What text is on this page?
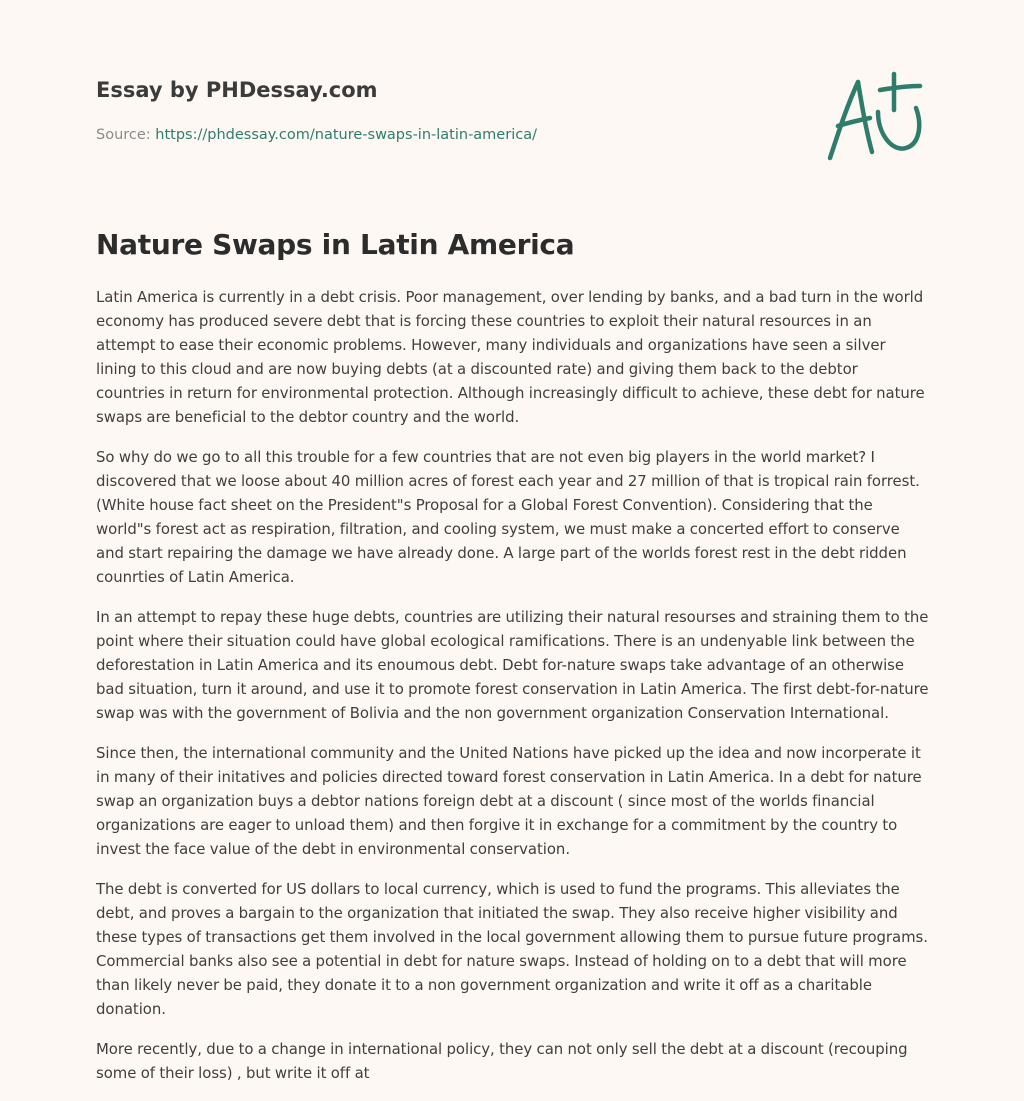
Essay by PHDessay.com
Source: https://phdessay.com/nature-swaps-in-latin-america/
Nature Swaps in Latin America

Latin America is currently in a debt crisis. Poor management, over lending by banks, and a bad turn in the world economy has produced severe debt that is forcing these countries to exploit their natural resources in an attempt to ease their economic problems. However, many individuals and organizations have seen a silver lining to this cloud and are now buying debts (at a discounted rate) and giving them back to the debtor countries in return for environmental protection. Although increasingly difficult to achieve, these debt for nature swaps are beneficial to the debtor country and the world.

So why do we go to all this trouble for a few countries that are not even big players in the world market? I discovered that we loose about 40 million acres of forest each year and 27 million of that is tropical rain forrest. (White house fact sheet on the President"s Proposal for a Global Forest Convention). Considering that the world"s forest act as respiration, filtration, and cooling system, we must make a concerted effort to conserve and start repairing the damage we have already done. A large part of the worlds forest rest in the debt ridden counrties of Latin America.

In an attempt to repay these huge debts, countries are utilizing their natural resourses and straining them to the point where their situation could have global ecological ramifications. There is an undenyable link between the deforestation in Latin America and its enoumous debt. Debt for-nature swaps take advantage of an otherwise bad situation, turn it around, and use it to promote forest conservation in Latin America. The first debt-for-nature swap was with the government of Bolivia and the non government organization Conservation International.

Since then, the international community and the United Nations have picked up the idea and now incorperate it in many of their initatives and policies directed toward forest conservation in Latin America. In a debt for nature swap an organization buys a debtor nations foreign debt at a discount ( since most of the worlds financial organizations are eager to unload them) and then forgive it in exchange for a commitment by the country to invest the face value of the debt in environmental conservation.

The debt is converted for US dollars to local currency, which is used to fund the programs. This alleviates the debt, and proves a bargain to the organization that initiated the swap. They also receive higher visibility and these types of transactions get them involved in the local government allowing them to pursue future programs. Commercial banks also see a potential in debt for nature swaps. Instead of holding on to a debt that will more than likely never be paid, they donate it to a non government organization and write it off as a charitable donation.

More recently, due to a change in international policy, they can not only sell the debt at a discount (recouping some of their loss) , but write it off at
